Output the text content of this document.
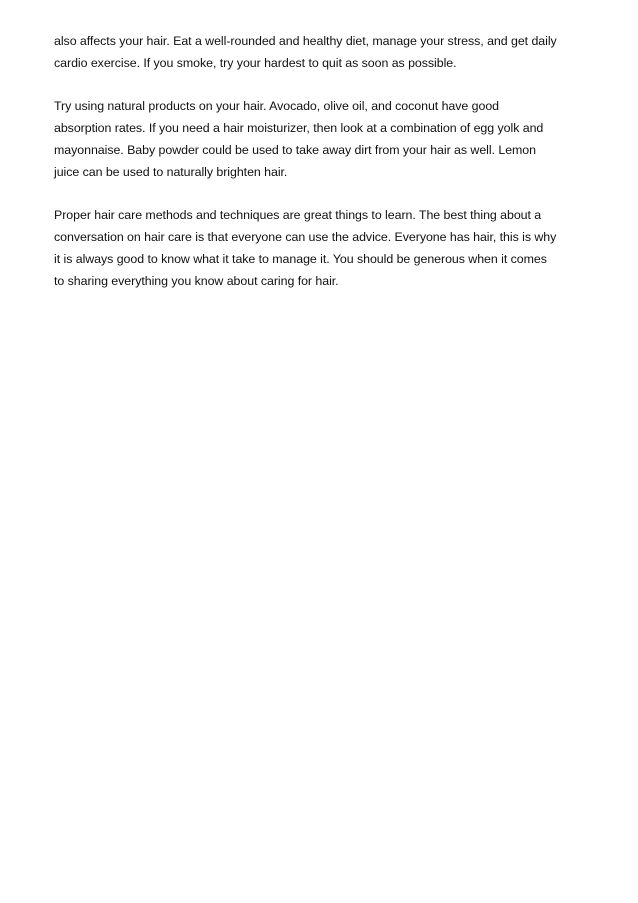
also affects your hair. Eat a well-rounded and healthy diet, manage your stress, and get daily
cardio exercise. If you smoke, try your hardest to quit as soon as possible.

Try using natural products on your hair. Avocado, olive oil, and coconut have good
absorption rates. If you need a hair moisturizer, then look at a combination of egg yolk and
mayonnaise. Baby powder could be used to take away dirt from your hair as well. Lemon
juice can be used to naturally brighten hair.

Proper hair care methods and techniques are great things to learn. The best thing about a
conversation on hair care is that everyone can use the advice. Everyone has hair, this is why
it is always good to know what it take to manage it. You should be generous when it comes
to sharing everything you know about caring for hair.
